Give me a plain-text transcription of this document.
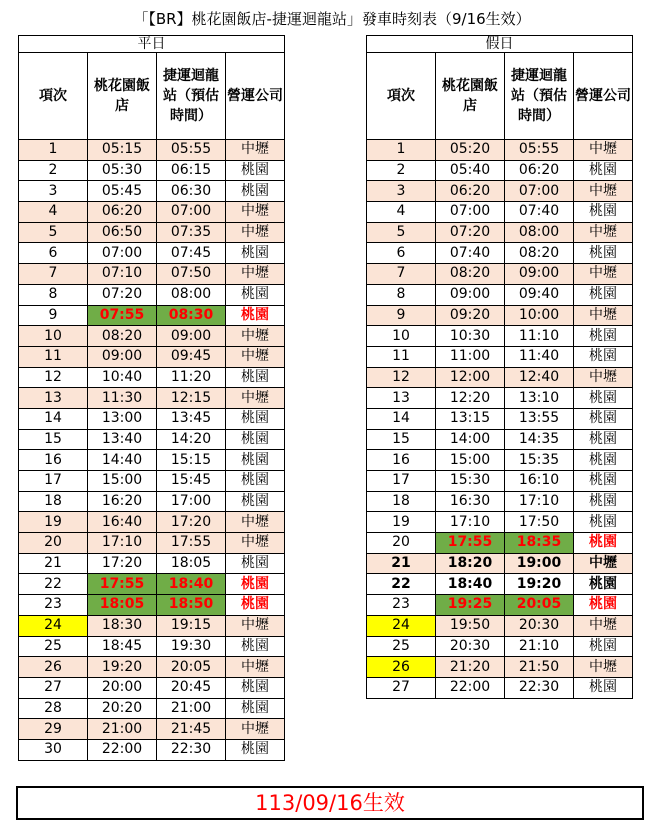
「【BR】桃花園飯店-捷運迴龍站」發車時刻表（9/16生效）
平日			
項次	桃花園飯店	捷運迴龍站（預估時間）	營運公司
1	05:15	05:55	中壢
2	05:30	06:15	桃園
3	05:45	06:30	桃園
4	06:20	07:00	中壢
5	06:50	07:35	中壢
6	07:00	07:45	桃園
7	07:10	07:50	中壢
8	07:20	08:00	桃園
9	07:55	08:30	桃園
10	08:20	09:00	中壢
11	09:00	09:45	中壢
12	10:40	11:20	桃園
13	11:30	12:15	中壢
14	13:00	13:45	桃園
15	13:40	14:20	桃園
16	14:40	15:15	桃園
17	15:00	15:45	桃園
18	16:20	17:00	桃園
19	16:40	17:20	中壢
20	17:10	17:55	中壢
21	17:20	18:05	桃園
22	17:55	18:40	桃園
23	18:05	18:50	桃園
24	18:30	19:15	中壢
25	18:45	19:30	桃園
26	19:20	20:05	中壢
27	20:00	20:45	桃園
28	20:20	21:00	桃園
29	21:00	21:45	中壢
30	22:00	22:30	桃園
假日			
項次	桃花園飯店	捷運迴龍站（預估時間）	營運公司
1	05:20	05:55	中壢
2	05:40	06:20	桃園
3	06:20	07:00	中壢
4	07:00	07:40	桃園
5	07:20	08:00	中壢
6	07:40	08:20	桃園
7	08:20	09:00	中壢
8	09:00	09:40	桃園
9	09:20	10:00	中壢
10	10:30	11:10	桃園
11	11:00	11:40	桃園
12	12:00	12:40	中壢
13	12:20	13:10	桃園
14	13:15	13:55	桃園
15	14:00	14:35	桃園
16	15:00	15:35	桃園
17	15:30	16:10	桃園
18	16:30	17:10	桃園
19	17:10	17:50	桃園
20	17:55	18:35	桃園
21	18:20	19:00	中壢
22	18:40	19:20	桃園
23	19:25	20:05	桃園
24	19:50	20:30	中壢
25	20:30	21:10	桃園
26	21:20	21:50	中壢
27	22:00	22:30	桃園
113/09/16生效
